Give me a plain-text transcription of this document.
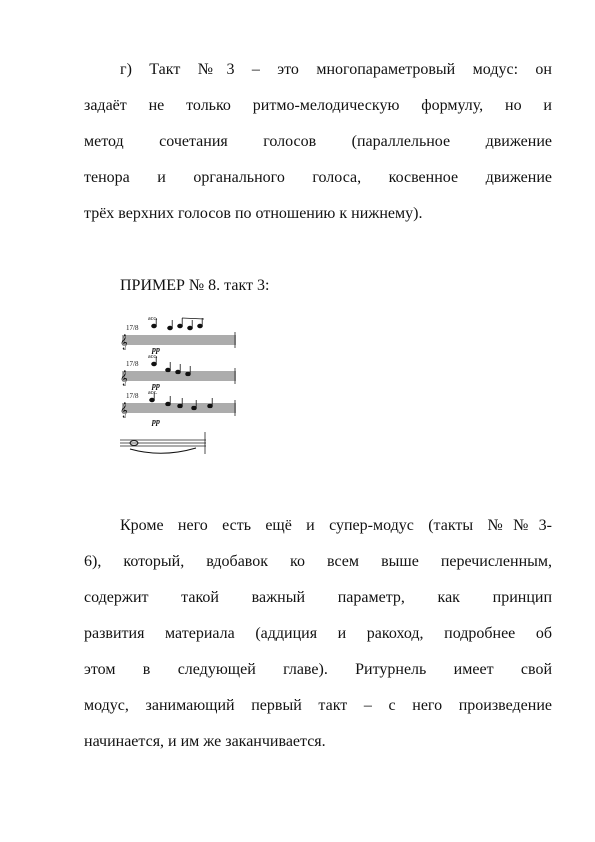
г) Такт №3 – это многопараметровый модус: он
задаёт не только ритмо-мелодическую формулу, но и
метод сочетания голосов (параллельное движение
тенора и органального голоса, косвенное движение
трёх верхних голосов по отношению к нижнему).
ПРИМЕР № 8. такт 3:
𝄞
𝄞
𝄞
17/8
17/8
17/8
acc.
acc.
acc.
pp
pp
pp
Кроме него есть ещё и супер-модус (такты №№3-
6), который, вдобавок ко всем выше перечисленным,
содержит такой важный параметр, как принцип
развития материала (аддиция и ракоход, подробнее об
этом в следующей главе). Ритурнель имеет свой
модус, занимающий первый такт – с него произведение
начинается, и им же заканчивается.
